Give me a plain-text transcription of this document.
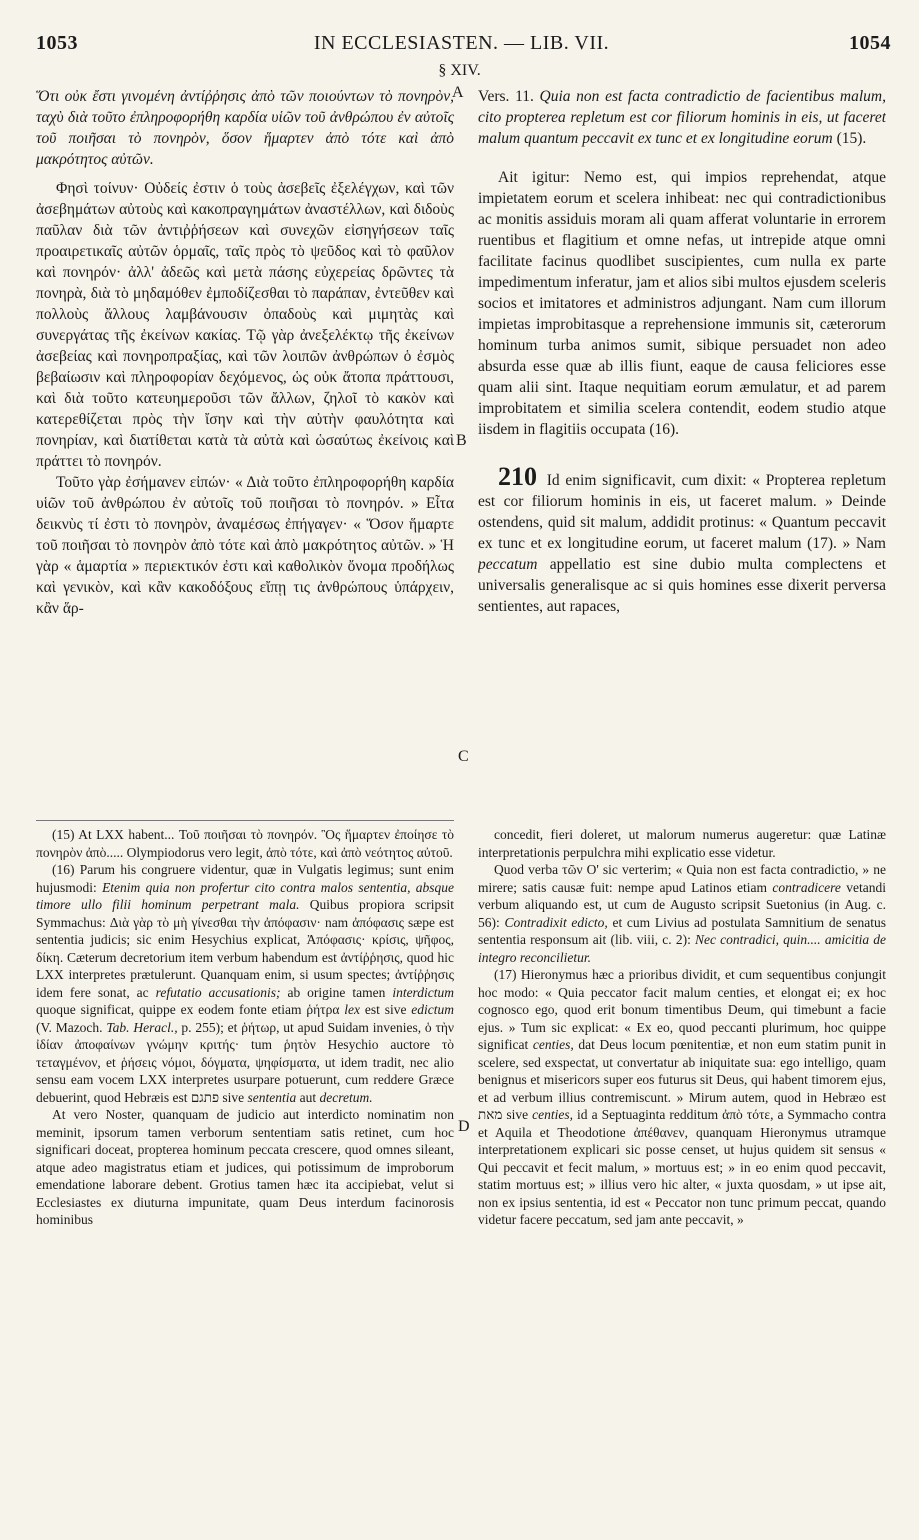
1053	IN ECCLESIASTEN. — LIB. VII.	1054
§ XIV.
A
B
C
D

Ὅτι οὐκ ἔστι γινομένη ἀντίῤῥησις ἀπὸ τῶν ποιούντων τὸ πονηρὸν, ταχὺ διὰ τοῦτο ἐπληροφορήθη καρδία υἱῶν τοῦ ἀνθρώπου ἐν αὐτοῖς τοῦ ποιῆσαι τὸ πονηρὸν, ὅσον ἥμαρτεν ἀπὸ τότε καὶ ἀπὸ μακρότητος αὐτῶν.

Φησὶ τοίνυν· Οὐδείς ἐστιν ὁ τοὺς ἀσεβεῖς ἐξελέγχων, καὶ τῶν ἀσεβημάτων αὐτοὺς καὶ κακοπραγημάτων ἀναστέλλων, καὶ διδοὺς παῦλαν διὰ τῶν ἀντιῤῥήσεων καὶ συνεχῶν εἰσηγήσεων ταῖς προαιρετικαῖς αὐτῶν ὁρμαῖς, ταῖς πρὸς τὸ ψεῦδος καὶ τὸ φαῦλον καὶ πονηρόν· ἀλλ' ἀδεῶς καὶ μετὰ πάσης εὐχερείας δρῶντες τὰ πονηρὰ, διὰ τὸ μηδαμόθεν ἐμποδίζεσθαι τὸ παράπαν, ἐντεῦθεν καὶ πολλοὺς ἄλλους λαμβάνουσιν ὀπαδοὺς καὶ μιμητὰς καὶ συνεργάτας τῆς ἐκείνων κακίας. Τῷ γὰρ ἀνεξελέκτῳ τῆς ἐκείνων ἀσεβείας καὶ πονηροπραξίας, καὶ τῶν λοιπῶν ἀνθρώπων ὁ ἐσμὸς βεβαίωσιν καὶ πληροφορίαν δεχόμενος, ὡς οὐκ ἄτοπα πράττουσι, καὶ διὰ τοῦτο κατευημεροῦσι τῶν ἄλλων, ζηλοῖ τὸ κακὸν καὶ κατερεθίζεται πρὸς τὴν ἴσην καὶ τὴν αὐτὴν φαυλότητα καὶ πονηρίαν, καὶ διατίθεται κατὰ τὰ αὐτὰ καὶ ὡσαύτως ἐκείνοις καὶ πράττει τὸ πονηρόν.

Τοῦτο γὰρ ἐσήμανεν εἰπών· « Διὰ τοῦτο ἐπληροφορήθη καρδία υἱῶν τοῦ ἀνθρώπου ἐν αὐτοῖς τοῦ ποιῆσαι τὸ πονηρόν. » Εἶτα δεικνὺς τί ἐστι τὸ πονηρὸν, ἀναμέσως ἐπήγαγεν· « Ὅσον ἥμαρτε τοῦ ποιῆσαι τὸ πονηρὸν ἀπὸ τότε καὶ ἀπὸ μακρότητος αὐτῶν. » Ἡ γὰρ « ἁμαρτία » περιεκτικόν ἐστι καὶ καθολικὸν ὄνομα προδήλως καὶ γενικὸν, καὶ κἂν κακοδόξους εἴπῃ τις ἀνθρώπους ὑπάρχειν, κἂν ἅρ-

Vers. 11. Quia non est facta contradictio de facientibus malum, cito propterea repletum est cor filiorum hominis in eis, ut faceret malum quantum peccavit ex tunc et ex longitudine eorum (15).

Ait igitur: Nemo est, qui impios reprehendat, atque impietatem eorum et scelera inhibeat: nec qui contradictionibus ac monitis assiduis moram ali quam afferat voluntarie in errorem ruentibus et flagitium et omne nefas, ut intrepide atque omni facilitate facinus quodlibet suscipientes, cum nulla ex parte impedimentum inferatur, jam et alios sibi multos ejusdem sceleris socios et imitatores et administros adjungant. Nam cum illorum impietas improbitasque a reprehensione immunis sit, cæterorum hominum turba animos sumit, sibique persuadet non adeo absurda esse quæ ab illis fiunt, eaque de causa feliciores esse quam alii sint. Itaque nequitiam eorum æmulatur, et ad parem improbitatem et similia scelera contendit, eodem studio atque iisdem in flagitiis occupata (16).

210 Id enim significavit, cum dixit: « Propterea repletum est cor filiorum hominis in eis, ut faceret malum. » Deinde ostendens, quid sit malum, addidit protinus: « Quantum peccavit ex tunc et ex longitudine eorum, ut faceret malum (17). » Nam peccatum appellatio est sine dubio multa complectens et universalis generalisque ac si quis homines esse dixerit perversa sentientes, aut rapaces,

(15) At LXX habent... Τοῦ ποιῆσαι τὸ πονηρόν. Ὃς ἥμαρτεν ἐποίησε τὸ πονηρὸν ἀπὸ..... Olympiodorus vero legit, ἀπὸ τότε, καὶ ἀπὸ νεότητος αὐτοῦ.

(16) Parum his congruere videntur, quæ in Vulgatis legimus; sunt enim hujusmodi: Etenim quia non profertur cito contra malos sententia, absque timore ullo filii hominum perpetrant mala. Quibus propiora scripsit Symmachus: Διὰ γὰρ τὸ μὴ γίνεσθαι τὴν ἀπόφασιν· nam ἀπόφασις sæpe est sententia judicis; sic enim Hesychius explicat, Ἀπόφασις· κρίσις, ψῆφος, δίκη. Cæterum decretorium item verbum habendum est ἀντίῤῥησις, quod hic LXX interpretes prætulerunt. Quanquam enim, si usum spectes; ἀντίῤῥησις idem fere sonat, ac refutatio accusationis; ab origine tamen interdictum quoque significat, quippe ex eodem fonte etiam ῥήτρα lex est sive edictum (V. Mazoch. Tab. Heracl., p. 255); et ῥήτωρ, ut apud Suidam invenies, ὁ τὴν ἰδίαν ἀποφαίνων γνώμην κριτής· tum ῥητὸν Hesychio auctore τὸ τεταγμένον, et ῥήσεις νόμοι, δόγματα, ψηφίσματα, ut idem tradit, nec alio sensu eam vocem LXX interpretes usurpare potuerunt, cum reddere Græce debuerint, quod Hebræis est פתגם sive sententia aut decretum.

At vero Noster, quanquam de judicio aut interdicto nominatim non meminit, ipsorum tamen verborum sententiam satis retinet, cum hoc significari doceat, propterea hominum peccata crescere, quod omnes sileant, atque adeo magistratus etiam et judices, qui potissimum de improborum emendatione laborare debent. Grotius tamen hæc ita accipiebat, velut si Ecclesiastes ex diuturna impunitate, quam Deus interdum facinorosis hominibus

concedit, fieri doleret, ut malorum numerus augeretur: quæ Latinæ interpretationis perpulchra mihi explicatio esse videtur.

Quod verba τῶν Ο' sic verterim; « Quia non est facta contradictio, » ne mirere; satis causæ fuit: nempe apud Latinos etiam contradicere vetandi verbum aliquando est, ut cum de Augusto scripsit Suetonius (in Aug. c. 56): Contradixit edicto, et cum Livius ad postulata Samnitium de senatus sententia responsum ait (lib. viii, c. 2): Nec contradici, quin.... amicitia de integro reconcilietur.

(17) Hieronymus hæc a prioribus dividit, et cum sequentibus conjungit hoc modo: « Quia peccator facit malum centies, et elongat ei; ex hoc cognosco ego, quod erit bonum timentibus Deum, qui timebunt a facie ejus. » Tum sic explicat: « Ex eo, quod peccanti plurimum, hoc quippe significat centies, dat Deus locum pœnitentiæ, et non eum statim punit in scelere, sed exspectat, ut convertatur ab iniquitate sua: ego intelligo, quam benignus et misericors super eos futurus sit Deus, qui habent timorem ejus, et ad verbum illius contremiscunt. » Mirum autem, quod in Hebræo est מאת sive centies, id a Septuaginta redditum ἀπὸ τότε, a Symmacho contra et Aquila et Theodotione ἀπέθανεν, quanquam Hieronymus utramque interpretationem explicari sic posse censet, ut hujus quidem sit sensus « Qui peccavit et fecit malum, » mortuus est; » in eo enim quod peccavit, statim mortuus est; » illius vero hic alter, « juxta quosdam, » ut ipse ait, non ex ipsius sententia, id est « Peccator non tunc primum peccat, quando videtur facere peccatum, sed jam ante peccavit, »
